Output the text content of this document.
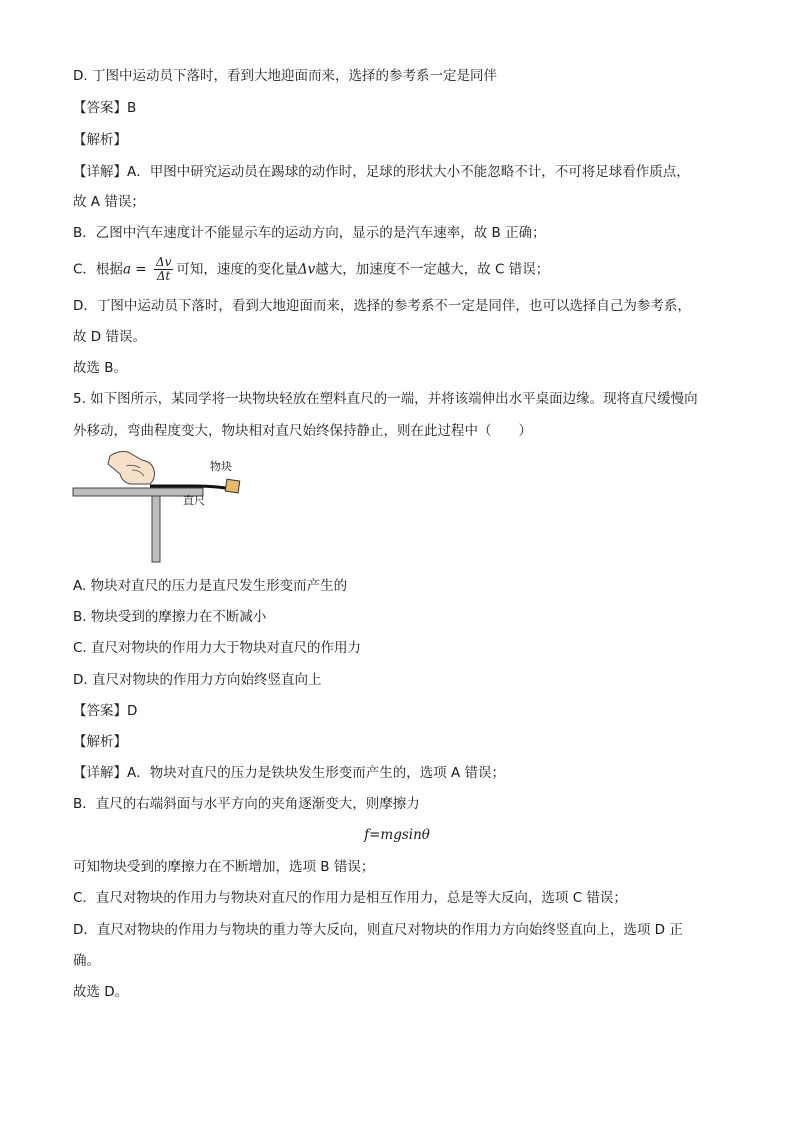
D. 丁图中运动员下落时，看到大地迎面而来，选择的参考系一定是同伴
【答案】B
【解析】
【详解】A．甲图中研究运动员在踢球的动作时，足球的形状大小不能忽略不计，不可将足球看作质点，
故 A 错误；
B．乙图中汽车速度计不能显示车的运动方向，显示的是汽车速率，故 B 正确；
C．根据$a = \frac{\Delta v}{\Delta t}$ 可知，速度的变化量Δv越大，加速度不一定越大，故 C 错误；
D．丁图中运动员下落时，看到大地迎面而来，选择的参考系不一定是同伴，也可以选择自己为参考系，
故 D 错误。
故选 B。
5. 如下图所示，某同学将一块物块轻放在塑料直尺的一端，并将该端伸出水平桌面边缘。现将直尺缓慢向
外移动，弯曲程度变大，物块相对直尺始终保持静止，则在此过程中（　　）
物块
直尺
A. 物块对直尺的压力是直尺发生形变而产生的
B. 物块受到的摩擦力在不断减小
C. 直尺对物块的作用力大于物块对直尺的作用力
D. 直尺对物块的作用力方向始终竖直向上
【答案】D
【解析】
【详解】A．物块对直尺的压力是铁块发生形变而产生的，选项 A 错误；
B．直尺的右端斜面与水平方向的夹角逐渐变大，则摩擦力
f=mgsinθ
可知物块受到的摩擦力在不断增加，选项 B 错误；
C．直尺对物块的作用力与物块对直尺的作用力是相互作用力，总是等大反向，选项 C 错误；
D．直尺对物块的作用力与物块的重力等大反向，则直尺对物块的作用力方向始终竖直向上，选项 D 正
确。
故选 D。
